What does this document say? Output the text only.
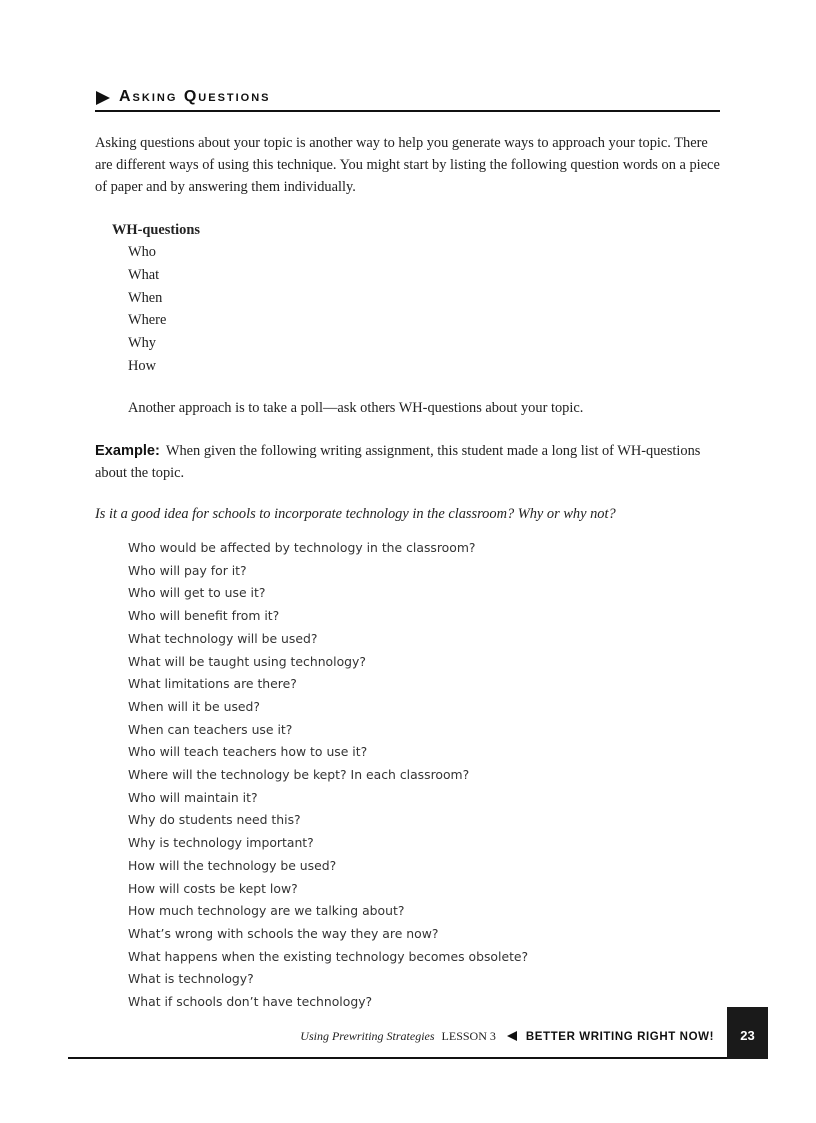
Asking Questions

Asking questions about your topic is another way to help you generate ways to approach your topic. There are different ways of using this technique. You might start by listing the following question words on a piece of paper and by answering them individually.

WH-questions
Who
What
When
Where
Why
How
Another approach is to take a poll—ask others WH-questions about your topic.

Example: When given the following writing assignment, this student made a long list of WH-questions about the topic.

Is it a good idea for schools to incorporate technology in the classroom? Why or why not?
Who would be affected by technology in the classroom?
Who will pay for it?
Who will get to use it?
Who will benefit from it?
What technology will be used?
What will be taught using technology?
What limitations are there?
When will it be used?
When can teachers use it?
Who will teach teachers how to use it?
Where will the technology be kept? In each classroom?
Who will maintain it?
Why do students need this?
Why is technology important?
How will the technology be used?
How will costs be kept low?
How much technology are we talking about?
What’s wrong with schools the way they are now?
What happens when the existing technology becomes obsolete?
What is technology?
What if schools don’t have technology?
Using Prewriting Strategies LESSON 3	BETTER WRITING RIGHT NOW!	23
